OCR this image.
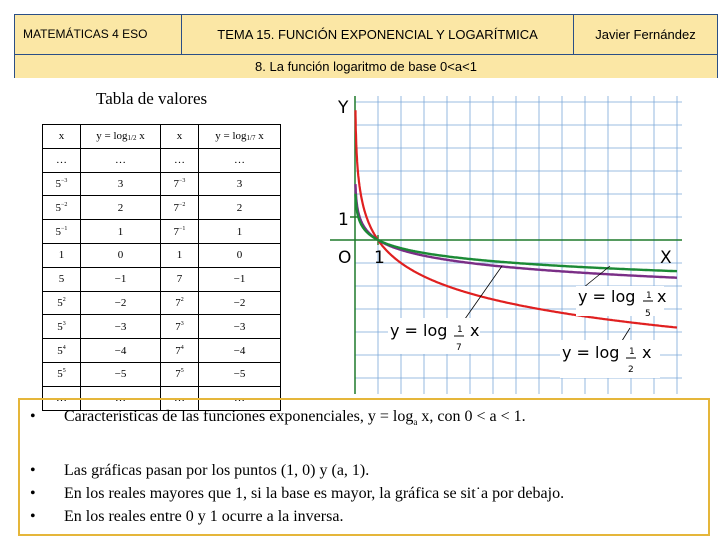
MATEMÁTICAS 4 ESO	TEMA 15. FUNCIÓN EXPONENCIAL Y LOGARÍTMICA	Javier Fernández
8. La función logaritmo de base 0<a<1
Tabla de valores
x	$y = \log_{1/2} x$	x	$y = \log_{1/7} x$
…	…	…	…
$5^{-3}$	3	$7^{-3}$	3
$5^{-2}$	2	$7^{-2}$	2
$5^{-1}$	1	$7^{-1}$	1
1	0	1	0
5	−1	7	−1
$5^2$	−2	$7^2$	−2
$5^3$	−3	$7^3$	−3
$5^4$	−4	$7^4$	−4
$5^5$	−5	$7^5$	−5
…	…	…	…
Y
X
O 1
1
y = log 1
5
x
y = log 1
7
x
y = log 1
2
x
• Características de las funciones exponenciales, $y = \log_a x$, con 0 < a < 1.
• Las gráficas pasan por los puntos (1, 0) y (a, 1).
• En los reales mayores que 1, si la base es mayor, la gráfica se sit˙a por debajo.
• En los reales entre 0 y 1 ocurre a la inversa.
